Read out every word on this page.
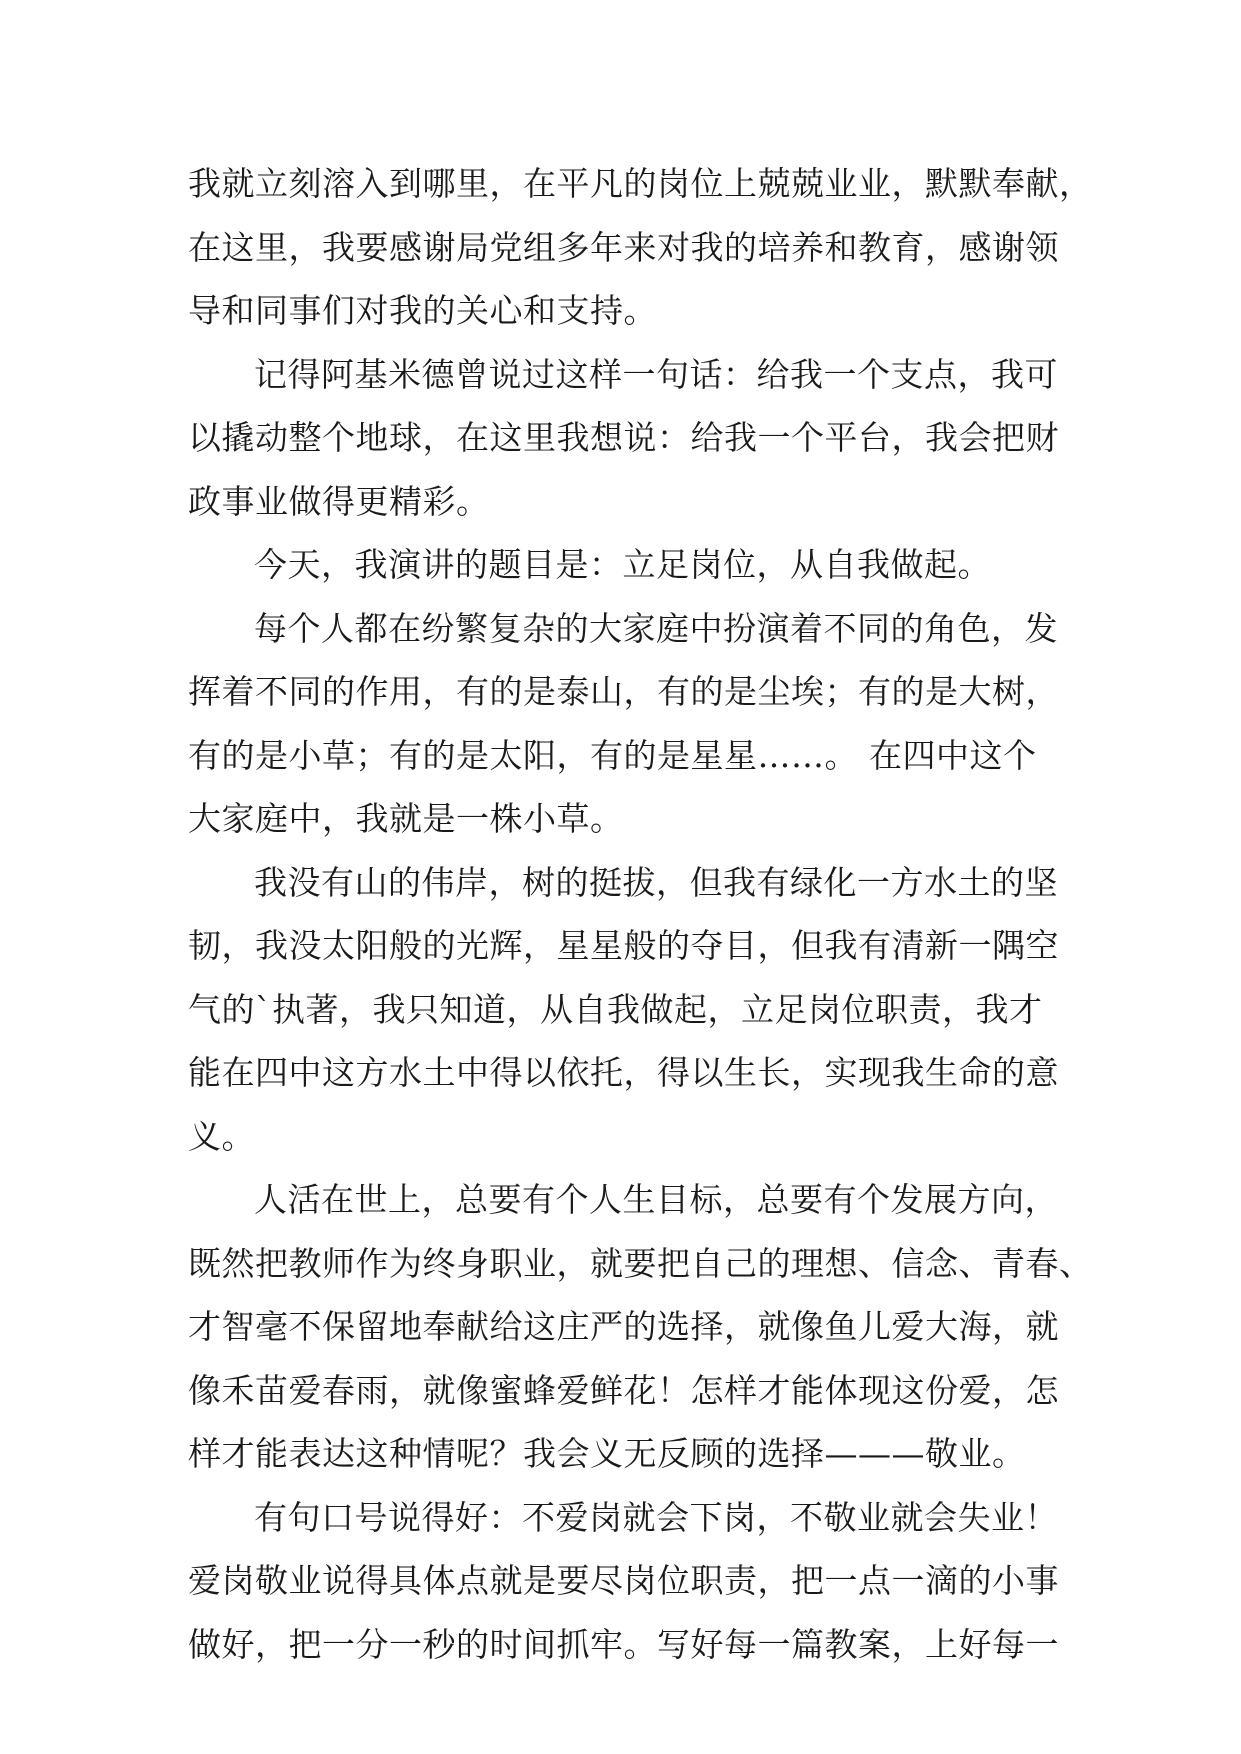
我就立刻溶入到哪里，在平凡的岗位上兢兢业业，默默奉献，
在这里，我要感谢局党组多年来对我的培养和教育，感谢领
导和同事们对我的关心和支持。
记得阿基米德曾说过这样一句话：给我一个支点，我可
以撬动整个地球，在这里我想说：给我一个平台，我会把财
政事业做得更精彩。
今天，我演讲的题目是：立足岗位，从自我做起。
每个人都在纷繁复杂的大家庭中扮演着不同的角色，发
挥着不同的作用，有的是泰山，有的是尘埃；有的是大树，
有的是小草；有的是太阳，有的是星星……。 在四中这个
大家庭中，我就是一株小草。
我没有山的伟岸，树的挺拔，但我有绿化一方水土的坚
韧，我没太阳般的光辉，星星般的夺目，但我有清新一隅空
气的`执著，我只知道，从自我做起，立足岗位职责，我才
能在四中这方水土中得以依托，得以生长，实现我生命的意
义。
人活在世上，总要有个人生目标，总要有个发展方向，
既然把教师作为终身职业，就要把自己的理想、信念、青春、
才智毫不保留地奉献给这庄严的选择，就像鱼儿爱大海，就
像禾苗爱春雨，就像蜜蜂爱鲜花！怎样才能体现这份爱，怎
样才能表达这种情呢？我会义无反顾的选择———敬业。
有句口号说得好：不爱岗就会下岗，不敬业就会失业！
爱岗敬业说得具体点就是要尽岗位职责，把一点一滴的小事
做好，把一分一秒的时间抓牢。写好每一篇教案，上好每一
